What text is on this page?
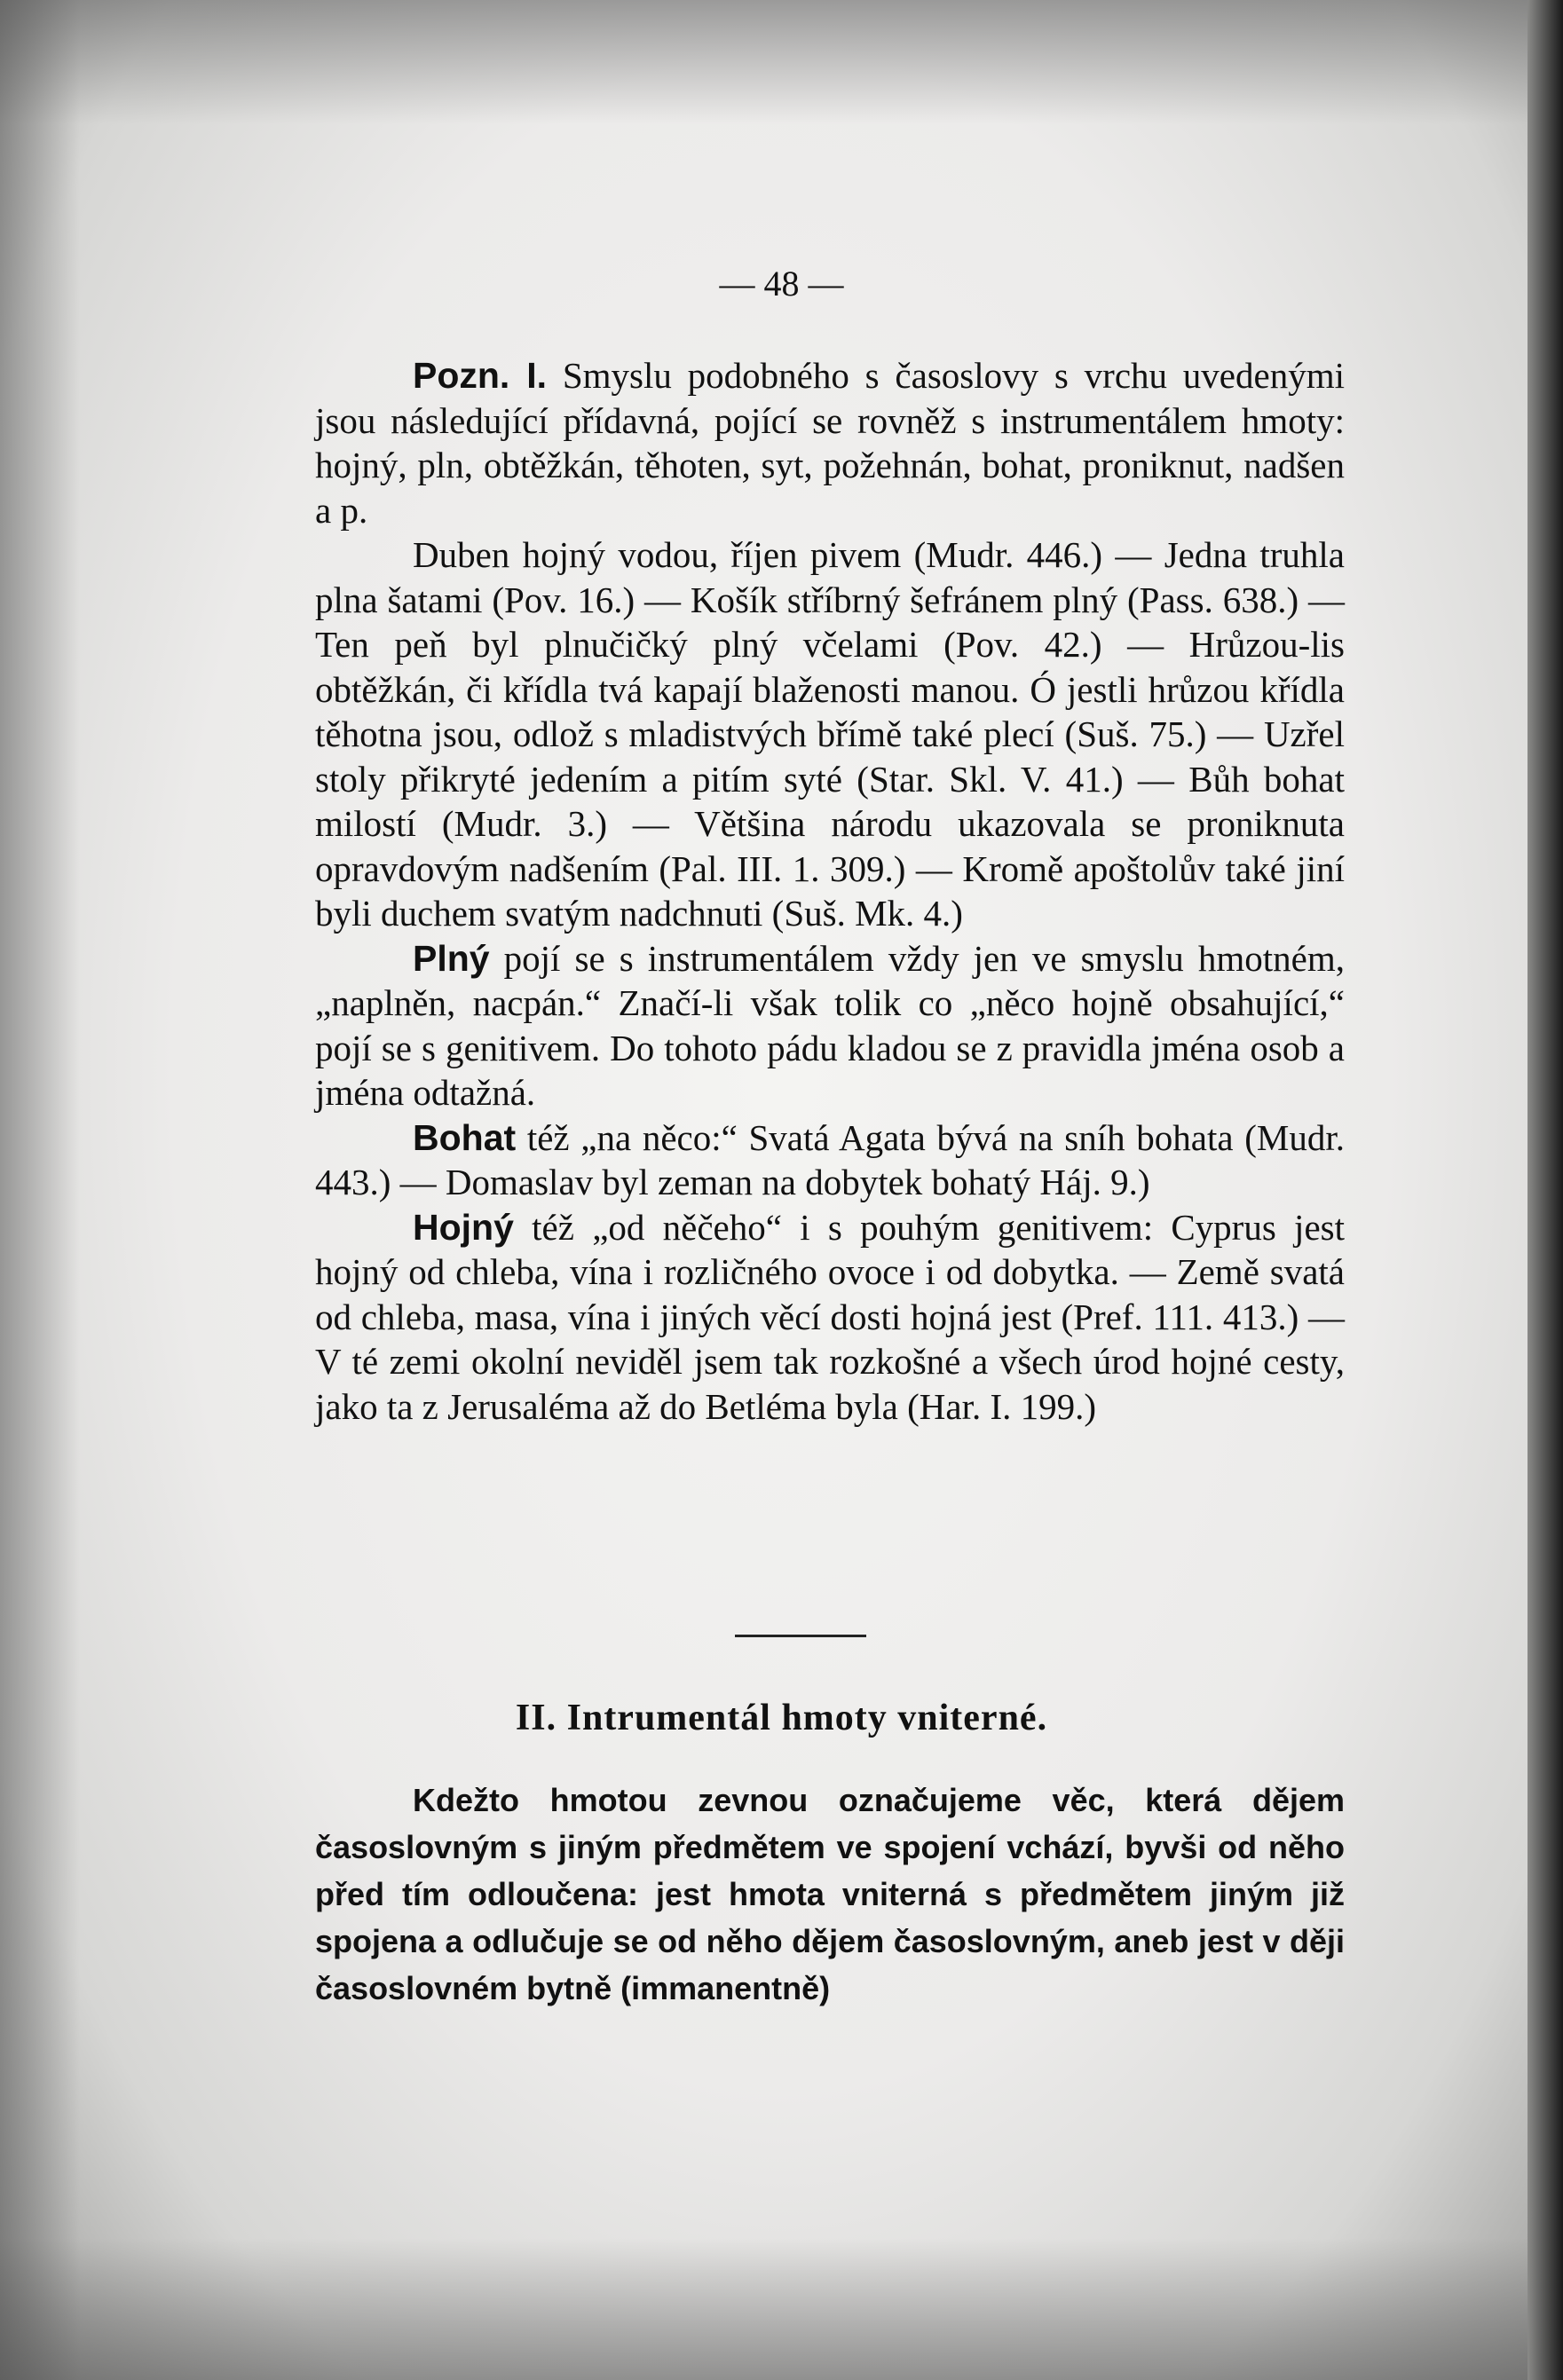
— 48 —

Pozn. I. Smyslu podobného s časoslovy s vrchu uvedenými jsou následující přídavná, pojící se rovněž s instrumentálem hmoty: hojný, pln, obtěžkán, těhoten, syt, požehnán, bohat, proniknut, nadšen a p.

Duben hojný vodou, říjen pivem (Mudr. 446.) — Jedna truhla plna šatami (Pov. 16.) — Košík stříbrný šefránem plný (Pass. 638.) — Ten peň byl plnučičký plný včelami (Pov. 42.) — Hrůzou-lis obtěžkán, či křídla tvá kapají blaženosti manou. Ó jestli hrůzou křídla těhotna jsou, odlož s mladistvých břímě také plecí (Suš. 75.) — Uzřel stoly přikryté jedením a pitím syté (Star. Skl. V. 41.) — Bůh bohat milostí (Mudr. 3.) — Většina národu ukazovala se proniknuta opravdovým nadšením (Pal. III. 1. 309.) — Kromě apoštolův také jiní byli duchem svatým nadchnuti (Suš. Mk. 4.)

Plný pojí se s instrumentálem vždy jen ve smyslu hmotném, „naplněn, nacpán.“ Značí-li však tolik co „něco hojně obsahující,“ pojí se s genitivem. Do tohoto pádu kladou se z pravidla jména osob a jména odtažná.

Bohat též „na něco:“ Svatá Agata bývá na sníh bohata (Mudr. 443.) — Domaslav byl zeman na dobytek bohatý Háj. 9.)

Hojný též „od něčeho“ i s pouhým genitivem: Cyprus jest hojný od chleba, vína i rozličného ovoce i od dobytka. — Země svatá od chleba, masa, vína i jiných věcí dosti hojná jest (Pref. 111. 413.) — V té zemi okolní neviděl jsem tak rozkošné a všech úrod hojné cesty, jako ta z Jerusaléma až do Betléma byla (Har. I. 199.)

II. Intrumentál hmoty vniterné.

Kdežto hmotou zevnou označujeme věc, která dějem časoslovným s jiným předmětem ve spojení vchází, byvši od něho před tím odloučena: jest hmota vniterná s předmětem jiným již spojena a odlučuje se od něho dějem časoslovným, aneb jest v ději časoslovném bytně (immanentně)
